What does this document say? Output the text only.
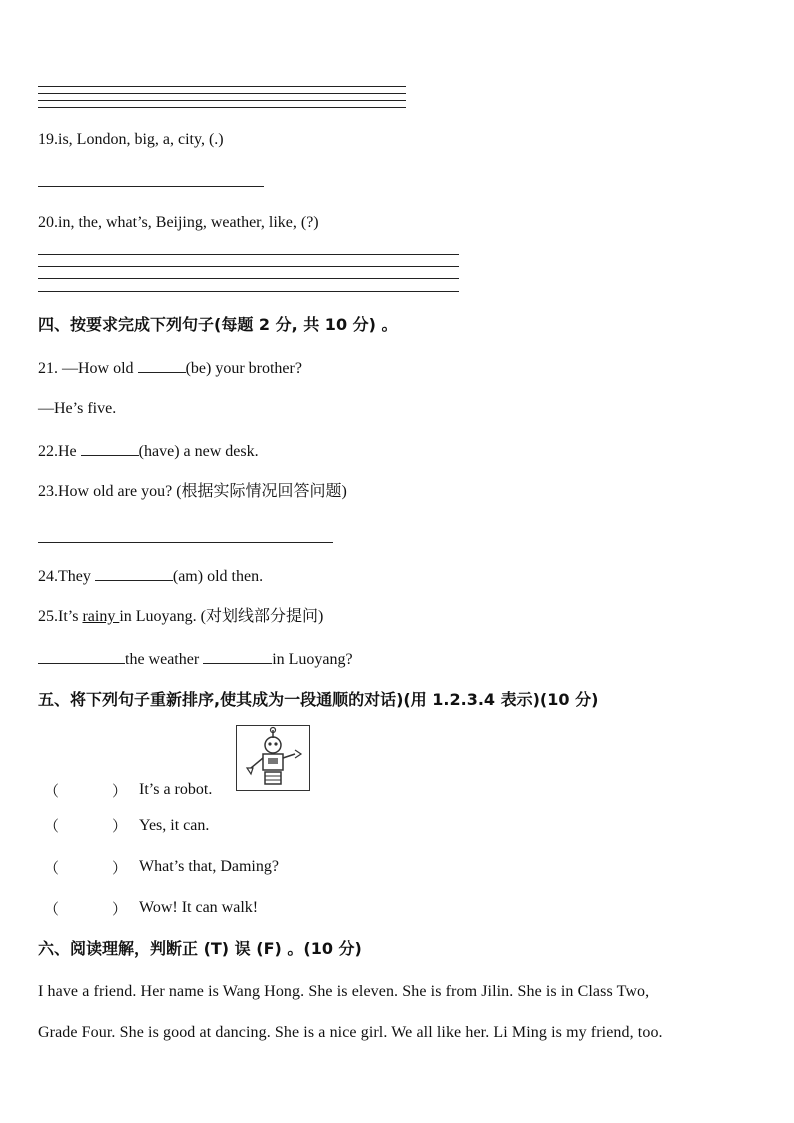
19.is, London, big, a, city, (.)
20.in, the, what’s, Beijing, weather, like, (?)
四、按要求完成下列句子(每题 2 分, 共 10 分) 。
21. —How old	(be) your brother?
—He’s five.
22.He	(have) a new desk.
23.How old are you? (根据实际情况回答问题)
24.They	(am) old then.
25.It’s rainy in Luoyang. (对划线部分提问)
the weather	in Luoyang?
五、将下列句子重新排序,使其成为一段通顺的对话)(用 1.2.3.4 表示)(10 分)
（	） It’s a robot.
（	） Yes, it can.
（	） What’s that, Daming?
（	） Wow! It can walk!
六、阅读理解，判断正 (T) 误 (F) 。(10 分)
I have a friend. Her name is Wang Hong. She is eleven. She is from Jilin. She is in Class Two,
Grade Four. She is good at dancing. She is a nice girl. We all like her. Li Ming is my friend, too.
